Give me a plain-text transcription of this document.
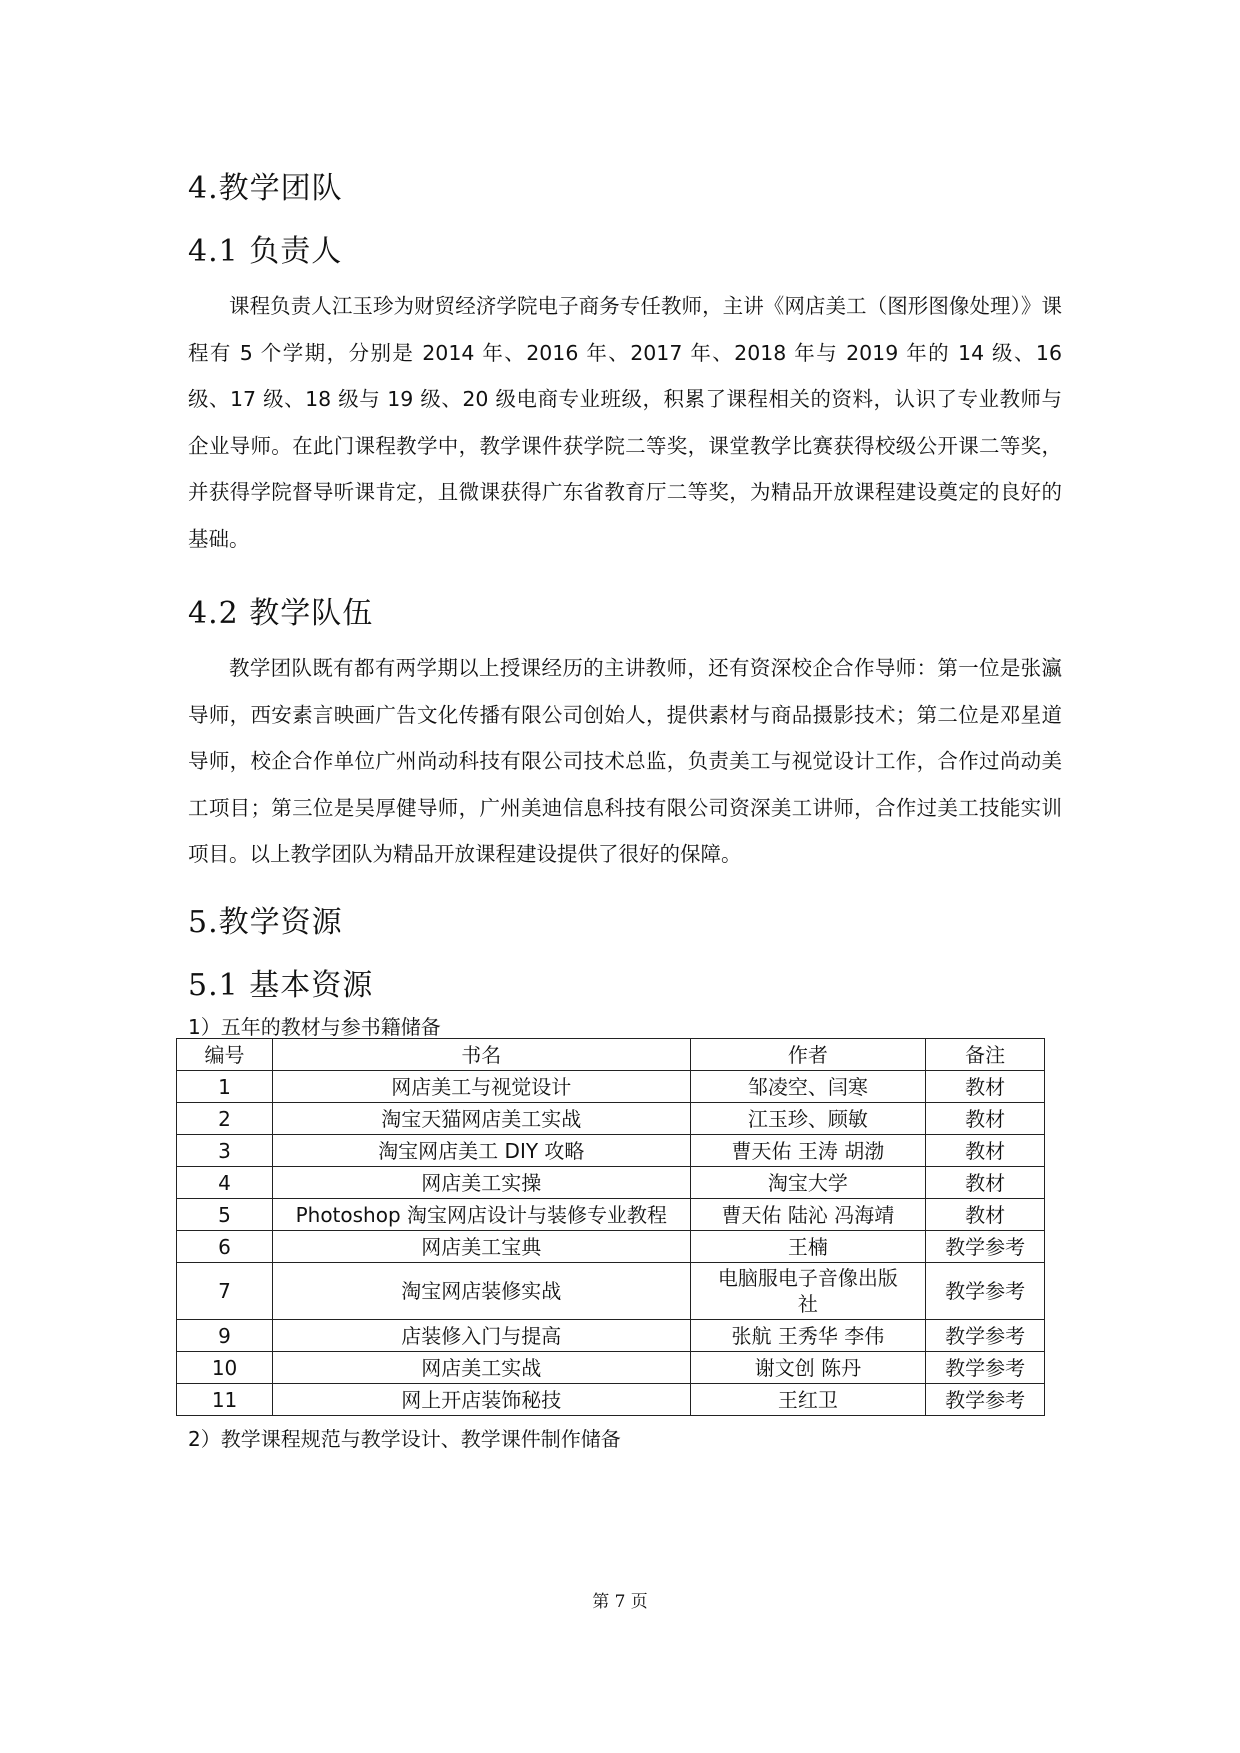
4.教学团队
4.1 负责人

课程负责人江玉珍为财贸经济学院电子商务专任教师，主讲《网店美工（图形图像处理）》课程有 5 个学期，分别是 2014 年、2016 年、2017 年、2018 年与 2019 年的 14 级、16 级、17 级、18 级与 19 级、20 级电商专业班级，积累了课程相关的资料，认识了专业教师与企业导师。在此门课程教学中，教学课件获学院二等奖，课堂教学比赛获得校级公开课二等奖，并获得学院督导听课肯定，且微课获得广东省教育厅二等奖，为精品开放课程建设奠定的良好的基础。

4.2 教学队伍

教学团队既有都有两学期以上授课经历的主讲教师，还有资深校企合作导师：第一位是张瀛导师，西安素言映画广告文化传播有限公司创始人，提供素材与商品摄影技术；第二位是邓星道导师，校企合作单位广州尚动科技有限公司技术总监，负责美工与视觉设计工作，合作过尚动美工项目；第三位是吴厚健导师，广州美迪信息科技有限公司资深美工讲师，合作过美工技能实训项目。以上教学团队为精品开放课程建设提供了很好的保障。

5.教学资源
5.1 基本资源

1）五年的教材与参书籍储备

编号	书名	作者	备注
1	网店美工与视觉设计	邹凌空、闫寒	教材
2	淘宝天猫网店美工实战	江玉珍、顾敏	教材
3	淘宝网店美工 DIY 攻略	曹天佑 王涛 胡渤	教材
4	网店美工实操	淘宝大学	教材
5	Photoshop 淘宝网店设计与装修专业教程	曹天佑 陆沁 冯海靖	教材
6	网店美工宝典	王楠	教学参考
7	淘宝网店装修实战	电脑服电子音像出版社	教学参考
9	店装修入门与提高	张航 王秀华 李伟	教学参考
10	网店美工实战	谢文创 陈丹	教学参考
11	网上开店装饰秘技	王红卫	教学参考

2）教学课程规范与教学设计、教学课件制作储备

第 7 页
